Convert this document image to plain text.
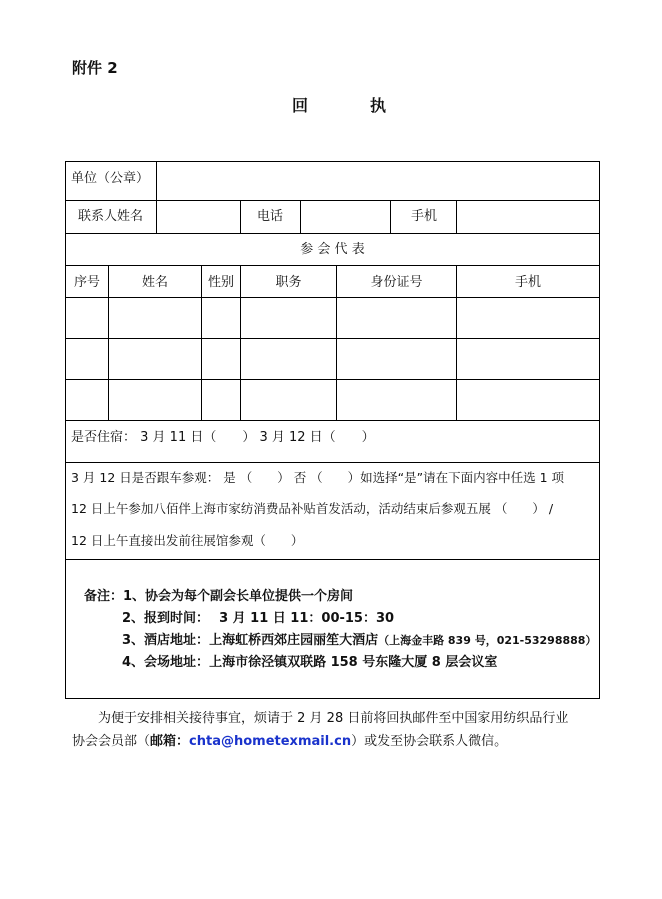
附件 2
回	执
单位（公章）
联系人姓名	电话	手机
参 会 代 表
序号	姓名	性别	职务	身份证号	手机
是否住宿： 3 月 11 日（　　） 3 月 12 日（　　）
3 月 12 日是否跟车参观： 是 （　　） 否 （　　）如选择“是”请在下面内容中任选 1 项
12 日上午参加八佰伴上海市家纺消费品补贴首发活动，活动结束后参观五展 （　　） /
12 日上午直接出发前往展馆参观（　　）
备注：1、协会为每个副会长单位提供一个房间
2、报到时间： 3 月 11 日 11：00-15：30
3、酒店地址：上海虹桥西郊庄园丽笙大酒店（上海金丰路 839 号，021-53298888）
4、会场地址：上海市徐泾镇双联路 158 号东隆大厦 8 层会议室
为便于安排相关接待事宜，烦请于 2 月 28 日前将回执邮件至中国家用纺织品行业
协会会员部（邮箱：chta@hometexmail.cn）或发至协会联系人微信。
